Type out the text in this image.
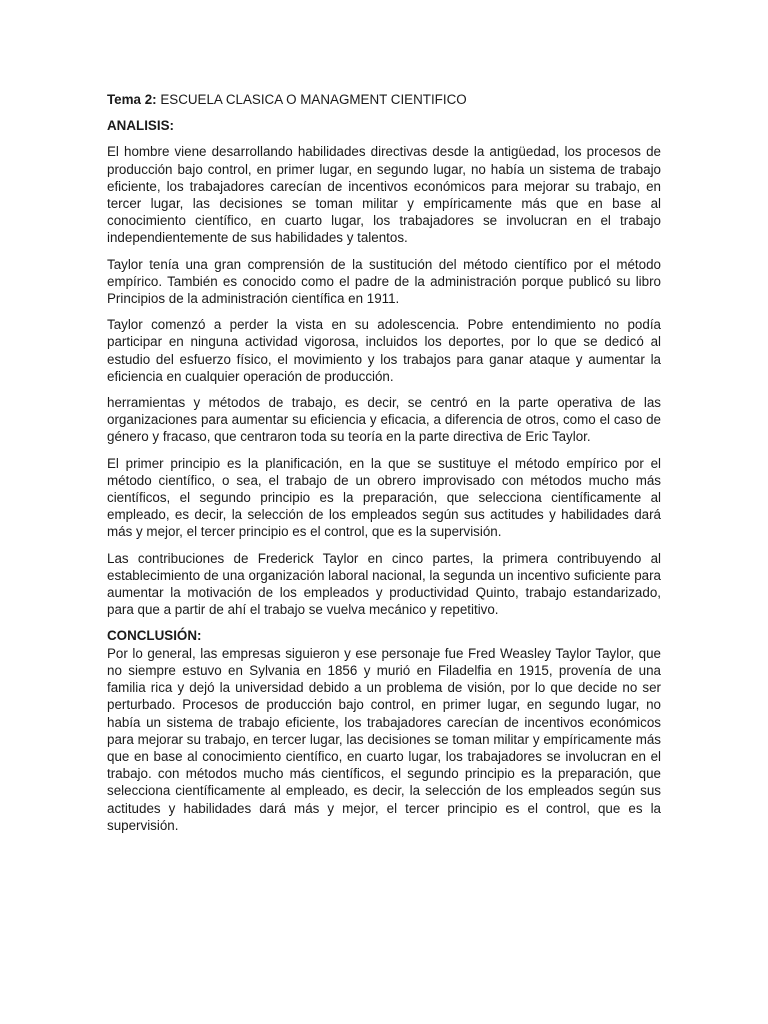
Tema 2: ESCUELA CLASICA O MANAGMENT CIENTIFICO

ANALISIS:

El hombre viene desarrollando habilidades directivas desde la antigüedad, los procesos de producción bajo control, en primer lugar, en segundo lugar, no había un sistema de trabajo eficiente, los trabajadores carecían de incentivos económicos para mejorar su trabajo, en tercer lugar, las decisiones se toman militar y empíricamente más que en base al conocimiento científico, en cuarto lugar, los trabajadores se involucran en el trabajo independientemente de sus habilidades y talentos.

Taylor tenía una gran comprensión de la sustitución del método científico por el método empírico. También es conocido como el padre de la administración porque publicó su libro Principios de la administración científica en 1911.

Taylor comenzó a perder la vista en su adolescencia. Pobre entendimiento no podía participar en ninguna actividad vigorosa, incluidos los deportes, por lo que se dedicó al estudio del esfuerzo físico, el movimiento y los trabajos para ganar ataque y aumentar la eficiencia en cualquier operación de producción.

herramientas y métodos de trabajo, es decir, se centró en la parte operativa de las organizaciones para aumentar su eficiencia y eficacia, a diferencia de otros, como el caso de género y fracaso, que centraron toda su teoría en la parte directiva de Eric Taylor.

El primer principio es la planificación, en la que se sustituye el método empírico por el método científico, o sea, el trabajo de un obrero improvisado con métodos mucho más científicos, el segundo principio es la preparación, que selecciona científicamente al empleado, es decir, la selección de los empleados según sus actitudes y habilidades dará más y mejor, el tercer principio es el control, que es la supervisión.

Las contribuciones de Frederick Taylor en cinco partes, la primera contribuyendo al establecimiento de una organización laboral nacional, la segunda un incentivo suficiente para aumentar la motivación de los empleados y productividad Quinto, trabajo estandarizado, para que a partir de ahí el trabajo se vuelva mecánico y repetitivo.

CONCLUSIÓN:

Por lo general, las empresas siguieron y ese personaje fue Fred Weasley Taylor Taylor, que no siempre estuvo en Sylvania en 1856 y murió en Filadelfia en 1915, provenía de una familia rica y dejó la universidad debido a un problema de visión, por lo que decide no ser perturbado. Procesos de producción bajo control, en primer lugar, en segundo lugar, no había un sistema de trabajo eficiente, los trabajadores carecían de incentivos económicos para mejorar su trabajo, en tercer lugar, las decisiones se toman militar y empíricamente más que en base al conocimiento científico, en cuarto lugar, los trabajadores se involucran en el trabajo. con métodos mucho más científicos, el segundo principio es la preparación, que selecciona científicamente al empleado, es decir, la selección de los empleados según sus actitudes y habilidades dará más y mejor, el tercer principio es el control, que es la supervisión.
